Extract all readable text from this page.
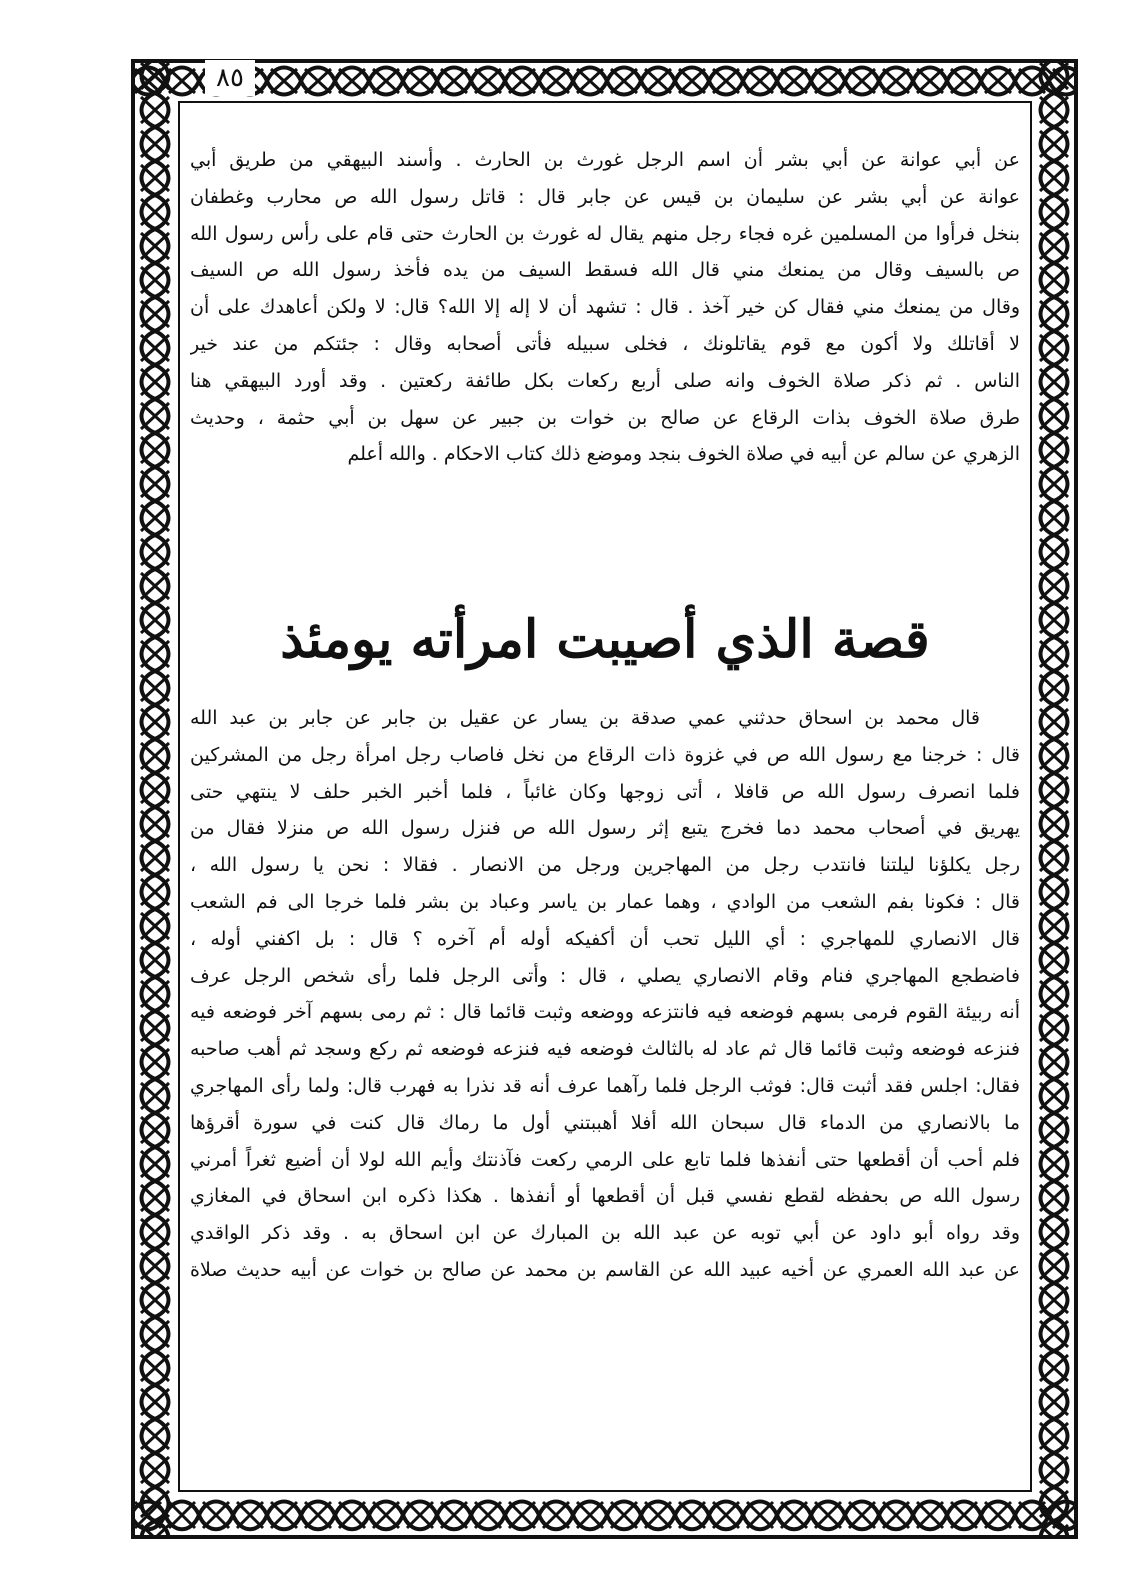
٨٥
عن أبي عوانة عن أبي بشر أن اسم الرجل غورث بن الحارث . وأسند البيهقي من طريق أبي
عوانة عن أبي بشر عن سليمان بن قيس عن جابر قال : قاتل رسول الله ص محارب وغطفان
بنخل فرأوا من المسلمين غره فجاء رجل منهم يقال له غورث بن الحارث حتى قام على رأس رسول الله
ص بالسيف وقال من يمنعك مني قال الله فسقط السيف من يده فأخذ رسول الله ص السيف
وقال من يمنعك مني فقال كن خير آخذ . قال : تشهد أن لا إله إلا الله؟ قال: لا ولكن أعاهدك على أن
لا أقاتلك ولا أكون مع قوم يقاتلونك ، فخلى سبيله فأتى أصحابه وقال : جئتكم من عند خير
الناس . ثم ذكر صلاة الخوف وانه صلى أربع ركعات بكل طائفة ركعتين . وقد أورد البيهقي هنا
طرق صلاة الخوف بذات الرقاع عن صالح بن خوات بن جبير عن سهل بن أبي حثمة ، وحديث
الزهري عن سالم عن أبيه في صلاة الخوف بنجد وموضع ذلك كتاب الاحكام . والله أعلم
قصة الذي أصيبت امرأته يومئذ
قال محمد بن اسحاق حدثني عمي صدقة بن يسار عن عقيل بن جابر عن جابر بن عبد الله
قال : خرجنا مع رسول الله ص في غزوة ذات الرقاع من نخل فاصاب رجل امرأة رجل من المشركين
فلما انصرف رسول الله ص قافلا ، أتى زوجها وكان غائباً ، فلما أخبر الخبر حلف لا ينتهي حتى
يهريق في أصحاب محمد دما فخرج يتبع إثر رسول الله ص فنزل رسول الله ص منزلا فقال من
رجل يكلؤنا ليلتنا فانتدب رجل من المهاجرين ورجل من الانصار . فقالا : نحن يا رسول الله ،
قال : فكونا بفم الشعب من الوادي ، وهما عمار بن ياسر وعباد بن بشر فلما خرجا الى فم الشعب
قال الانصاري للمهاجري : أي الليل تحب أن أكفيكه أوله أم آخره ؟ قال : بل اكفني أوله ،
فاضطجع المهاجري فنام وقام الانصاري يصلي ، قال : وأتى الرجل فلما رأى شخص الرجل عرف
أنه ربيئة القوم فرمى بسهم فوضعه فيه فانتزعه ووضعه وثبت قائما قال : ثم رمى بسهم آخر فوضعه فيه
فنزعه فوضعه وثبت قائما قال ثم عاد له بالثالث فوضعه فيه فنزعه فوضعه ثم ركع وسجد ثم أهب صاحبه
فقال: اجلس فقد أثبت قال: فوثب الرجل فلما رآهما عرف أنه قد نذرا به فهرب قال: ولما رأى المهاجري
ما بالانصاري من الدماء قال سبحان الله أفلا أهببتني أول ما رماك قال كنت في سورة أقرؤها
فلم أحب أن أقطعها حتى أنفذها فلما تابع على الرمي ركعت فآذنتك وأيم الله لولا أن أضيع ثغراً أمرني
رسول الله ص بحفظه لقطع نفسي قبل أن أقطعها أو أنفذها . هكذا ذكره ابن اسحاق في المغازي
وقد رواه أبو داود عن أبي توبه عن عبد الله بن المبارك عن ابن اسحاق به . وقد ذكر الواقدي
عن عبد الله العمري عن أخيه عبيد الله عن القاسم بن محمد عن صالح بن خوات عن أبيه حديث صلاة
